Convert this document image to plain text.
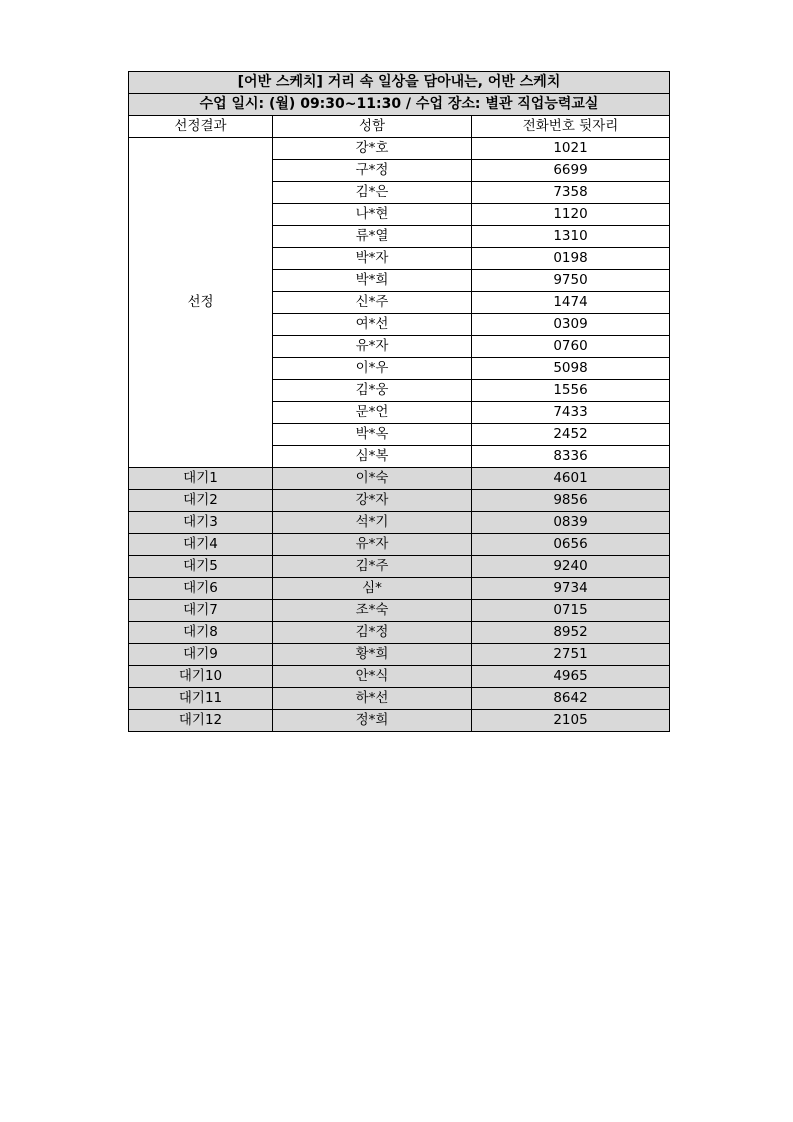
[어반 스케치] 거리 속 일상을 담아내는, 어반 스케치		
수업 일시: (월) 09:30~11:30 / 수업 장소: 별관 직업능력교실		
선정결과	성함	전화번호 뒷자리
선정	강*호	1021
	구*정	6699
	김*은	7358
	나*현	1120
	류*열	1310
	박*자	0198
	박*희	9750
	신*주	1474
	여*선	0309
	유*자	0760
	이*우	5098
	김*웅	1556
	문*언	7433
	박*옥	2452
	심*복	8336
대기1	이*숙	4601
대기2	강*자	9856
대기3	석*기	0839
대기4	유*자	0656
대기5	김*주	9240
대기6	심*	9734
대기7	조*숙	0715
대기8	김*정	8952
대기9	황*희	2751
대기10	안*식	4965
대기11	하*선	8642
대기12	정*희	2105
